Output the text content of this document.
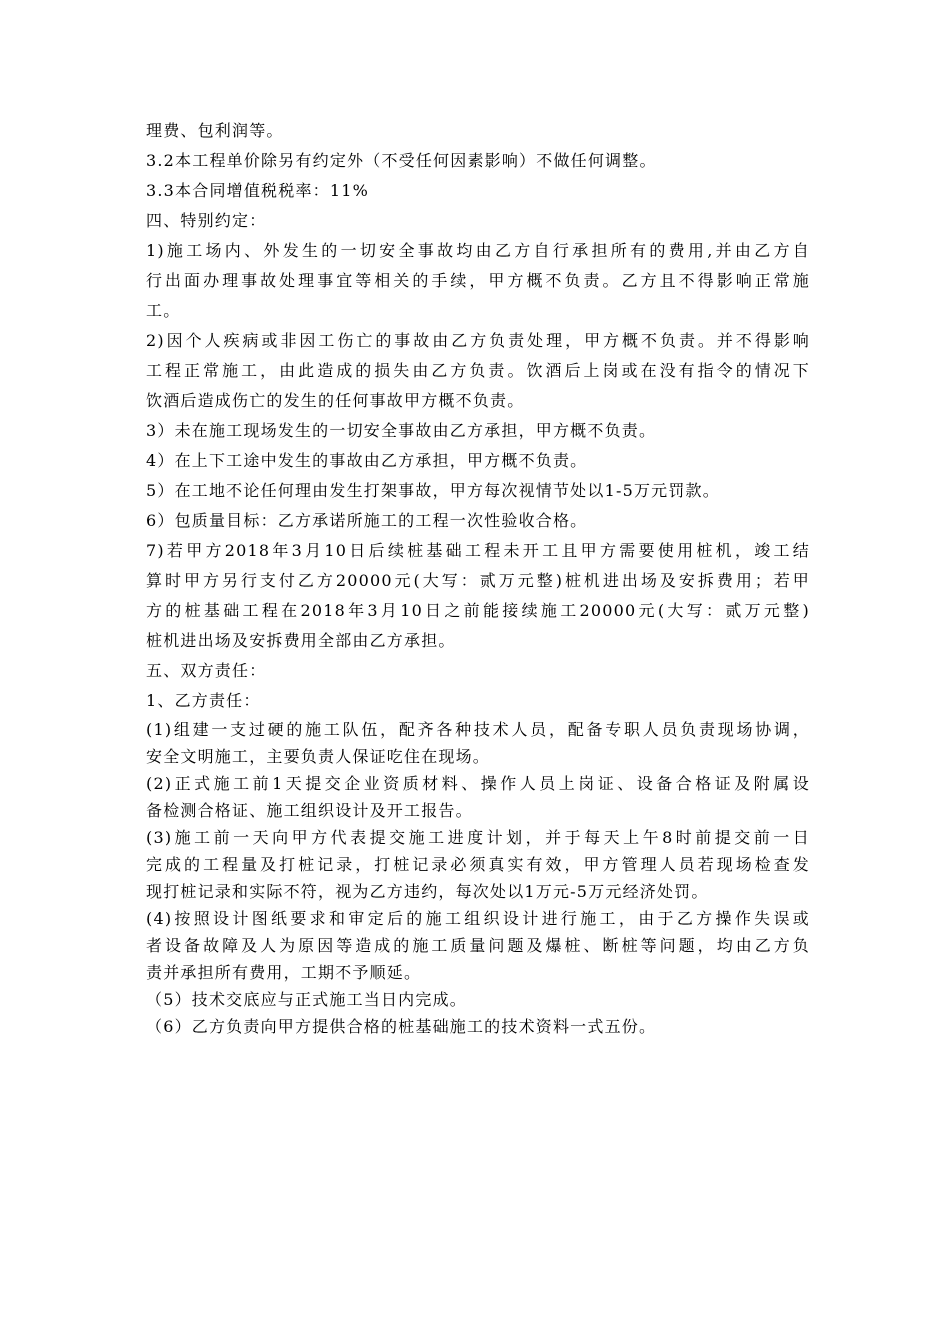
理费、包利润等。
3.2本工程单价除另有约定外（不受任何因素影响）不做任何调整。
3.3本合同增值税税率：11%
四、特别约定：
1)施工场内、外发生的一切安全事故均由乙方自行承担所有的费用,并由乙方自
行出面办理事故处理事宜等相关的手续，甲方概不负责。乙方且不得影响正常施
工。
2)因个人疾病或非因工伤亡的事故由乙方负责处理，甲方概不负责。并不得影响
工程正常施工，由此造成的损失由乙方负责。饮酒后上岗或在没有指令的情况下
饮酒后造成伤亡的发生的任何事故甲方概不负责。
3）未在施工现场发生的一切安全事故由乙方承担，甲方概不负责。
4）在上下工途中发生的事故由乙方承担，甲方概不负责。
5）在工地不论任何理由发生打架事故，甲方每次视情节处以1-5万元罚款。
6）包质量目标：乙方承诺所施工的工程一次性验收合格。
7)若甲方2018年3月10日后续桩基础工程未开工且甲方需要使用桩机，竣工结
算时甲方另行支付乙方20000元(大写：贰万元整)桩机进出场及安拆费用；若甲
方的桩基础工程在2018年3月10日之前能接续施工20000元(大写：贰万元整)
桩机进出场及安拆费用全部由乙方承担。
五、双方责任：
1、乙方责任：
(1)组建一支过硬的施工队伍，配齐各种技术人员，配备专职人员负责现场协调，
安全文明施工，主要负责人保证吃住在现场。
(2)正式施工前1天提交企业资质材料、操作人员上岗证、设备合格证及附属设
备检测合格证、施工组织设计及开工报告。
(3)施工前一天向甲方代表提交施工进度计划，并于每天上午8时前提交前一日
完成的工程量及打桩记录，打桩记录必须真实有效，甲方管理人员若现场检查发
现打桩记录和实际不符，视为乙方违约，每次处以1万元-5万元经济处罚。
(4)按照设计图纸要求和审定后的施工组织设计进行施工，由于乙方操作失误或
者设备故障及人为原因等造成的施工质量问题及爆桩、断桩等问题，均由乙方负
责并承担所有费用，工期不予顺延。
（5）技术交底应与正式施工当日内完成。
（6）乙方负责向甲方提供合格的桩基础施工的技术资料一式五份。
